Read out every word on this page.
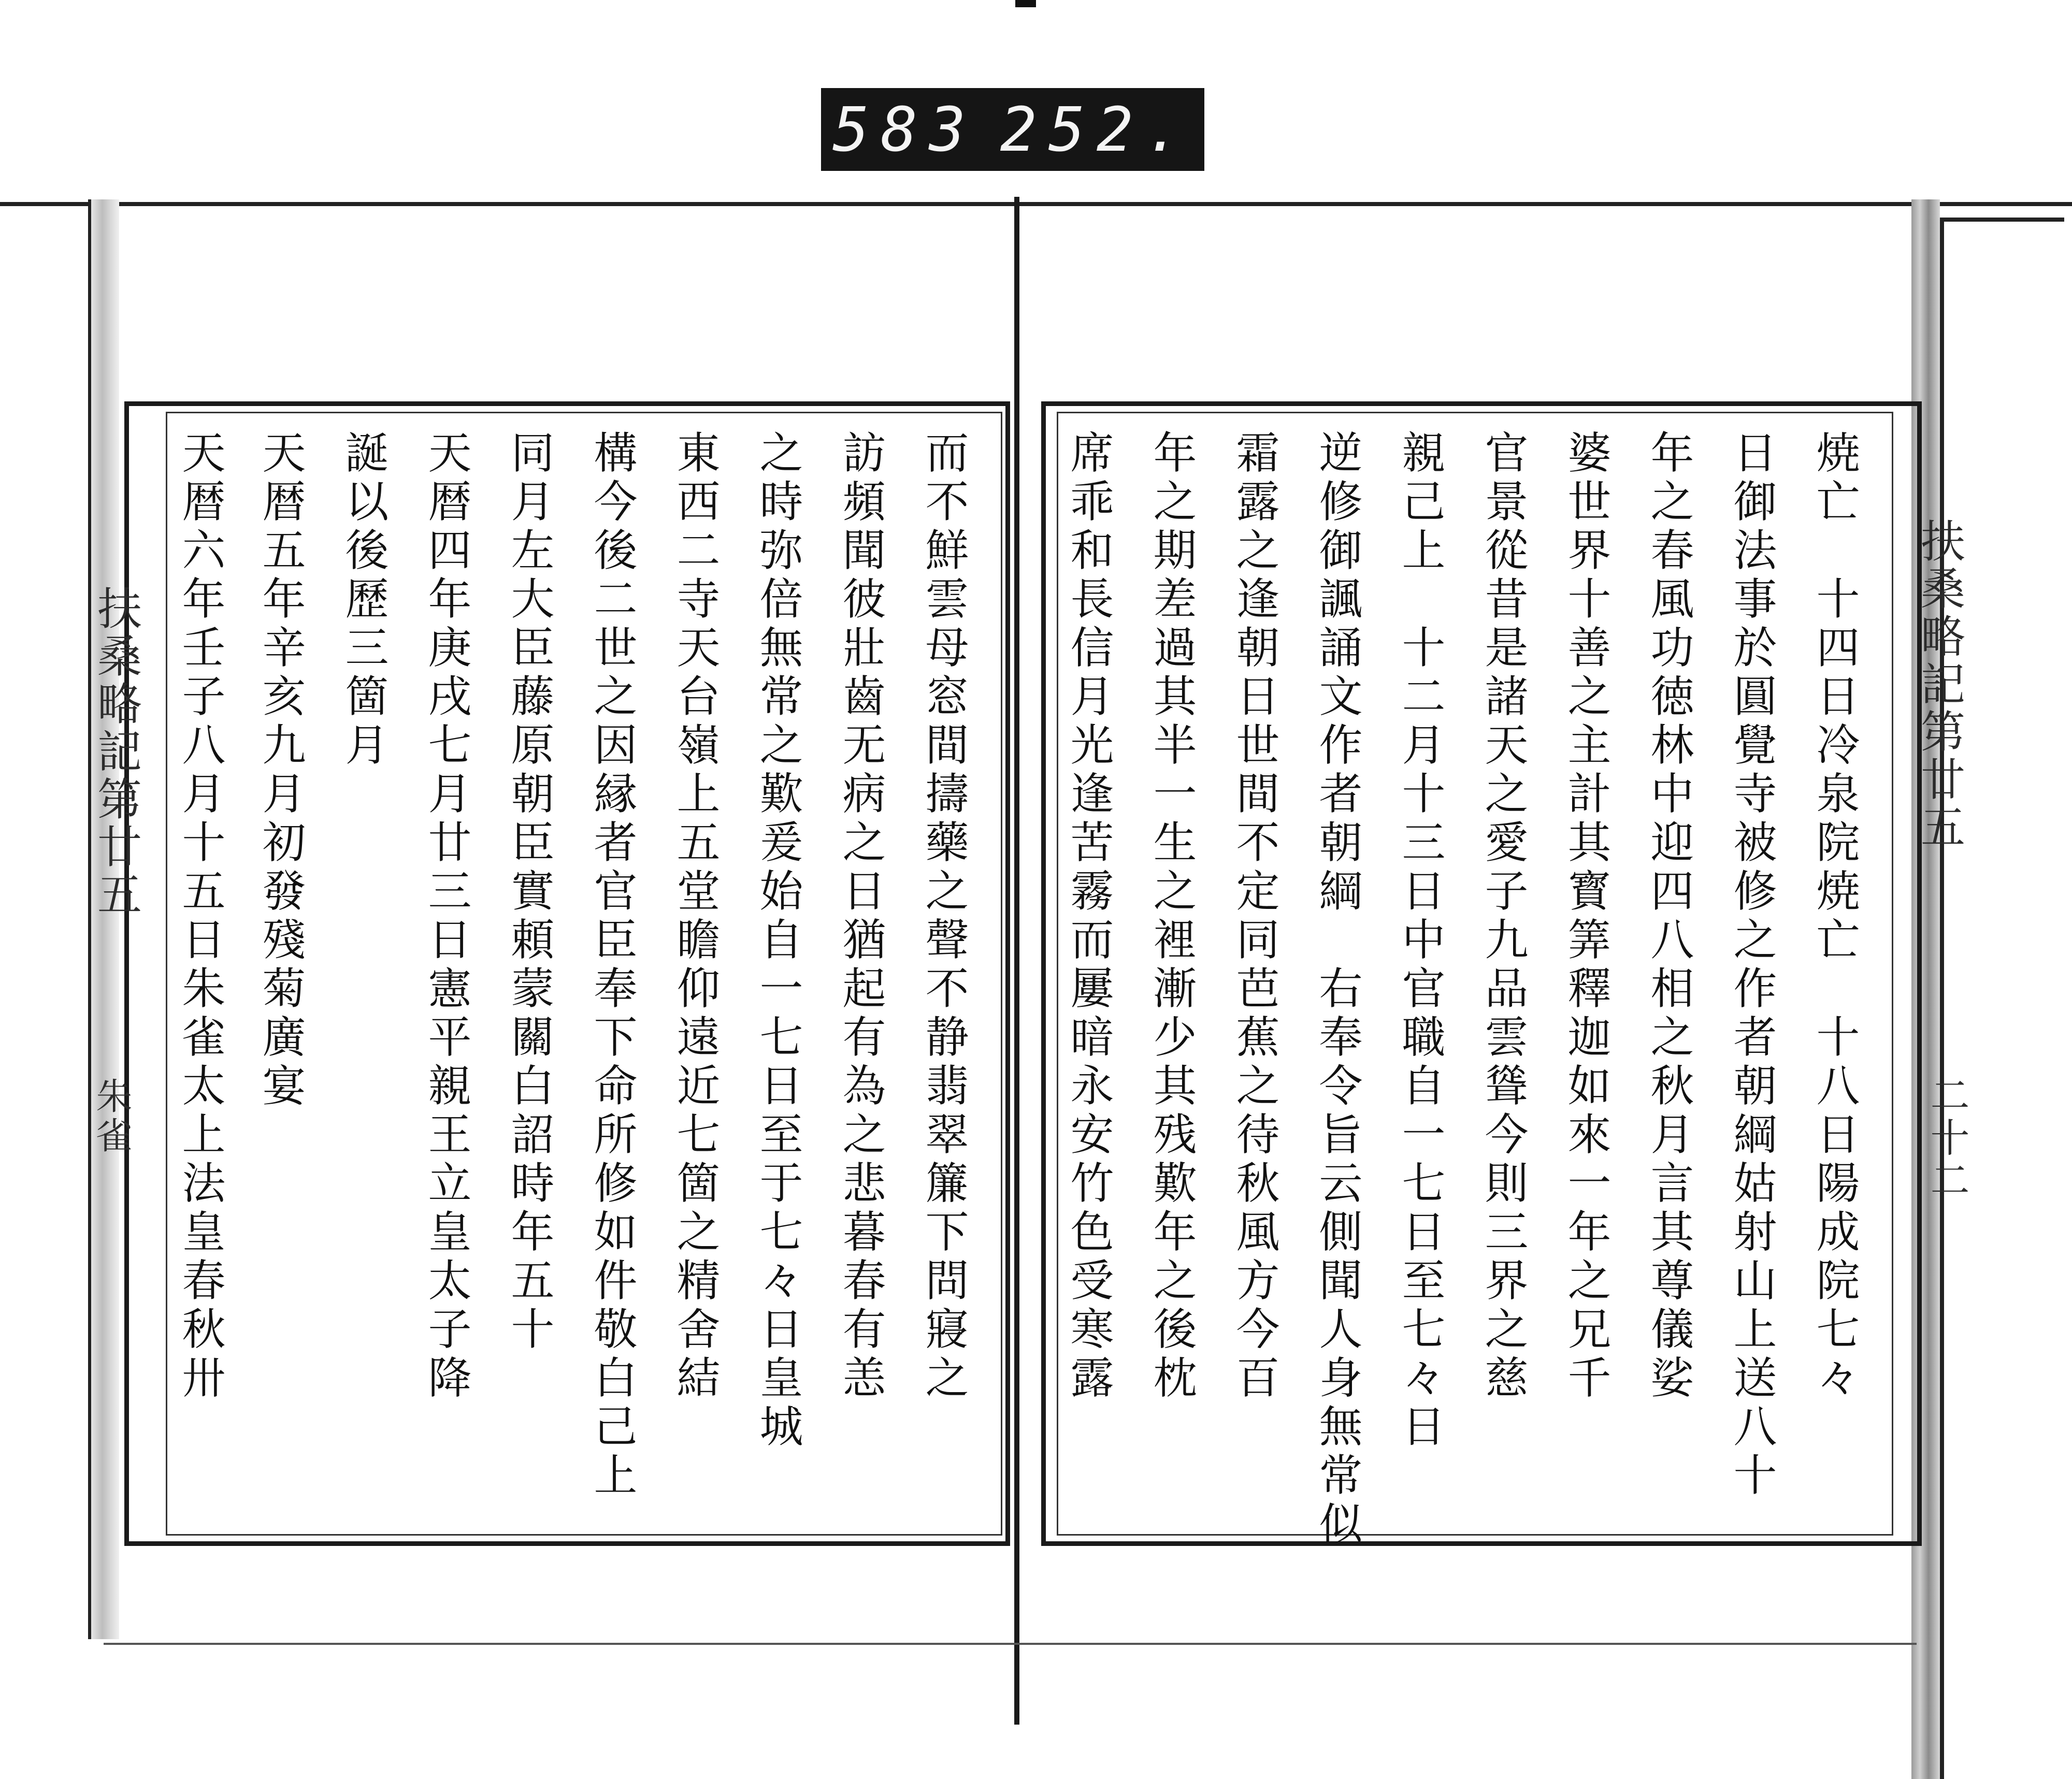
583 252.
扶桑略記第廿五
朱雀
扶桑略記第廿五
二十二
焼亡　十四日冷泉院焼亡　十八日陽成院七々
日御法事於圓覺寺被修之作者朝綱姑射山上送八十
年之春風功徳林中迎四八相之秋月言其尊儀娑
婆世界十善之主計其寳筭釋迦如來一年之兄千
官景從昔是諸天之愛子九品雲聳今則三界之慈
親己上　十二月十三日中官職自一七日至七々日
逆修御諷誦文作者朝綱　右奉令旨云側聞人身無常似
霜露之逢朝日世間不定同芭蕉之待秋風方今百
年之期差過其半一生之裡漸少其残歎年之後枕
席乖和長信月光逢苦霧而屢暗永安竹色受寒露
而不鮮雲母窓間擣藥之聲不静翡翠簾下問寢之
訪頻聞彼壯齒无病之日猶起有為之悲暮春有恙
之時弥倍無常之歎爰始自一七日至于七々日皇城
東西二寺天台嶺上五堂瞻仰遠近七箇之精舍結
構今後二世之因縁者官臣奉下命所修如件敬白己上
同月左大臣藤原朝臣實頼蒙關白詔時年五十
天暦四年庚戌七月廿三日憲平親王立皇太子降
誕以後歷三箇月
天暦五年辛亥九月初發殘菊廣宴
天暦六年壬子八月十五日朱雀太上法皇春秋卅
